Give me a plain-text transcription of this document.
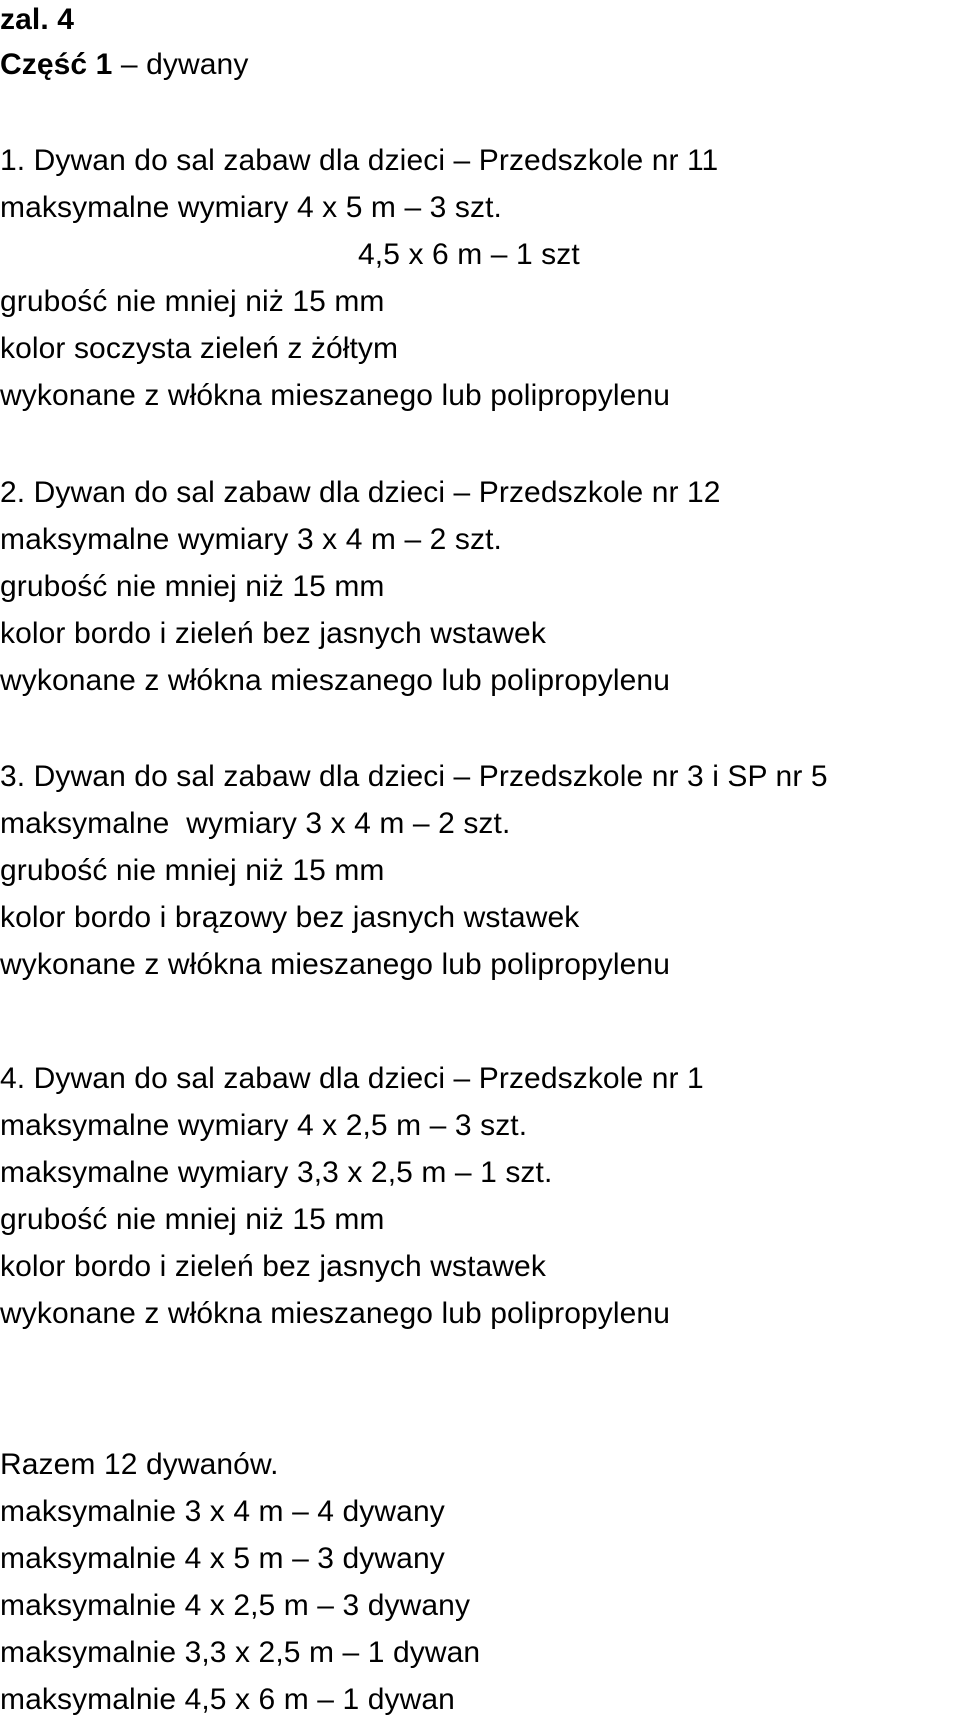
zal. 4
Część 1 – dywany
1. Dywan do sal zabaw dla dzieci – Przedszkole nr 11
maksymalne wymiary 4 x 5 m – 3 szt.
4,5 x 6 m – 1 szt
grubość nie mniej niż 15 mm
kolor soczysta zieleń z żółtym
wykonane z włókna mieszanego lub polipropylenu
2. Dywan do sal zabaw dla dzieci – Przedszkole nr 12
maksymalne wymiary 3 x 4 m – 2 szt.
grubość nie mniej niż 15 mm
kolor bordo i zieleń bez jasnych wstawek
wykonane z włókna mieszanego lub polipropylenu
3. Dywan do sal zabaw dla dzieci – Przedszkole nr 3 i SP nr 5
maksymalne  wymiary 3 x 4 m – 2 szt.
grubość nie mniej niż 15 mm
kolor bordo i brązowy bez jasnych wstawek
wykonane z włókna mieszanego lub polipropylenu
4. Dywan do sal zabaw dla dzieci – Przedszkole nr 1
maksymalne wymiary 4 x 2,5 m – 3 szt.
maksymalne wymiary 3,3 x 2,5 m – 1 szt.
grubość nie mniej niż 15 mm
kolor bordo i zieleń bez jasnych wstawek
wykonane z włókna mieszanego lub polipropylenu
Razem 12 dywanów.
maksymalnie 3 x 4 m – 4 dywany
maksymalnie 4 x 5 m – 3 dywany
maksymalnie 4 x 2,5 m – 3 dywany
maksymalnie 3,3 x 2,5 m – 1 dywan
maksymalnie 4,5 x 6 m – 1 dywan
